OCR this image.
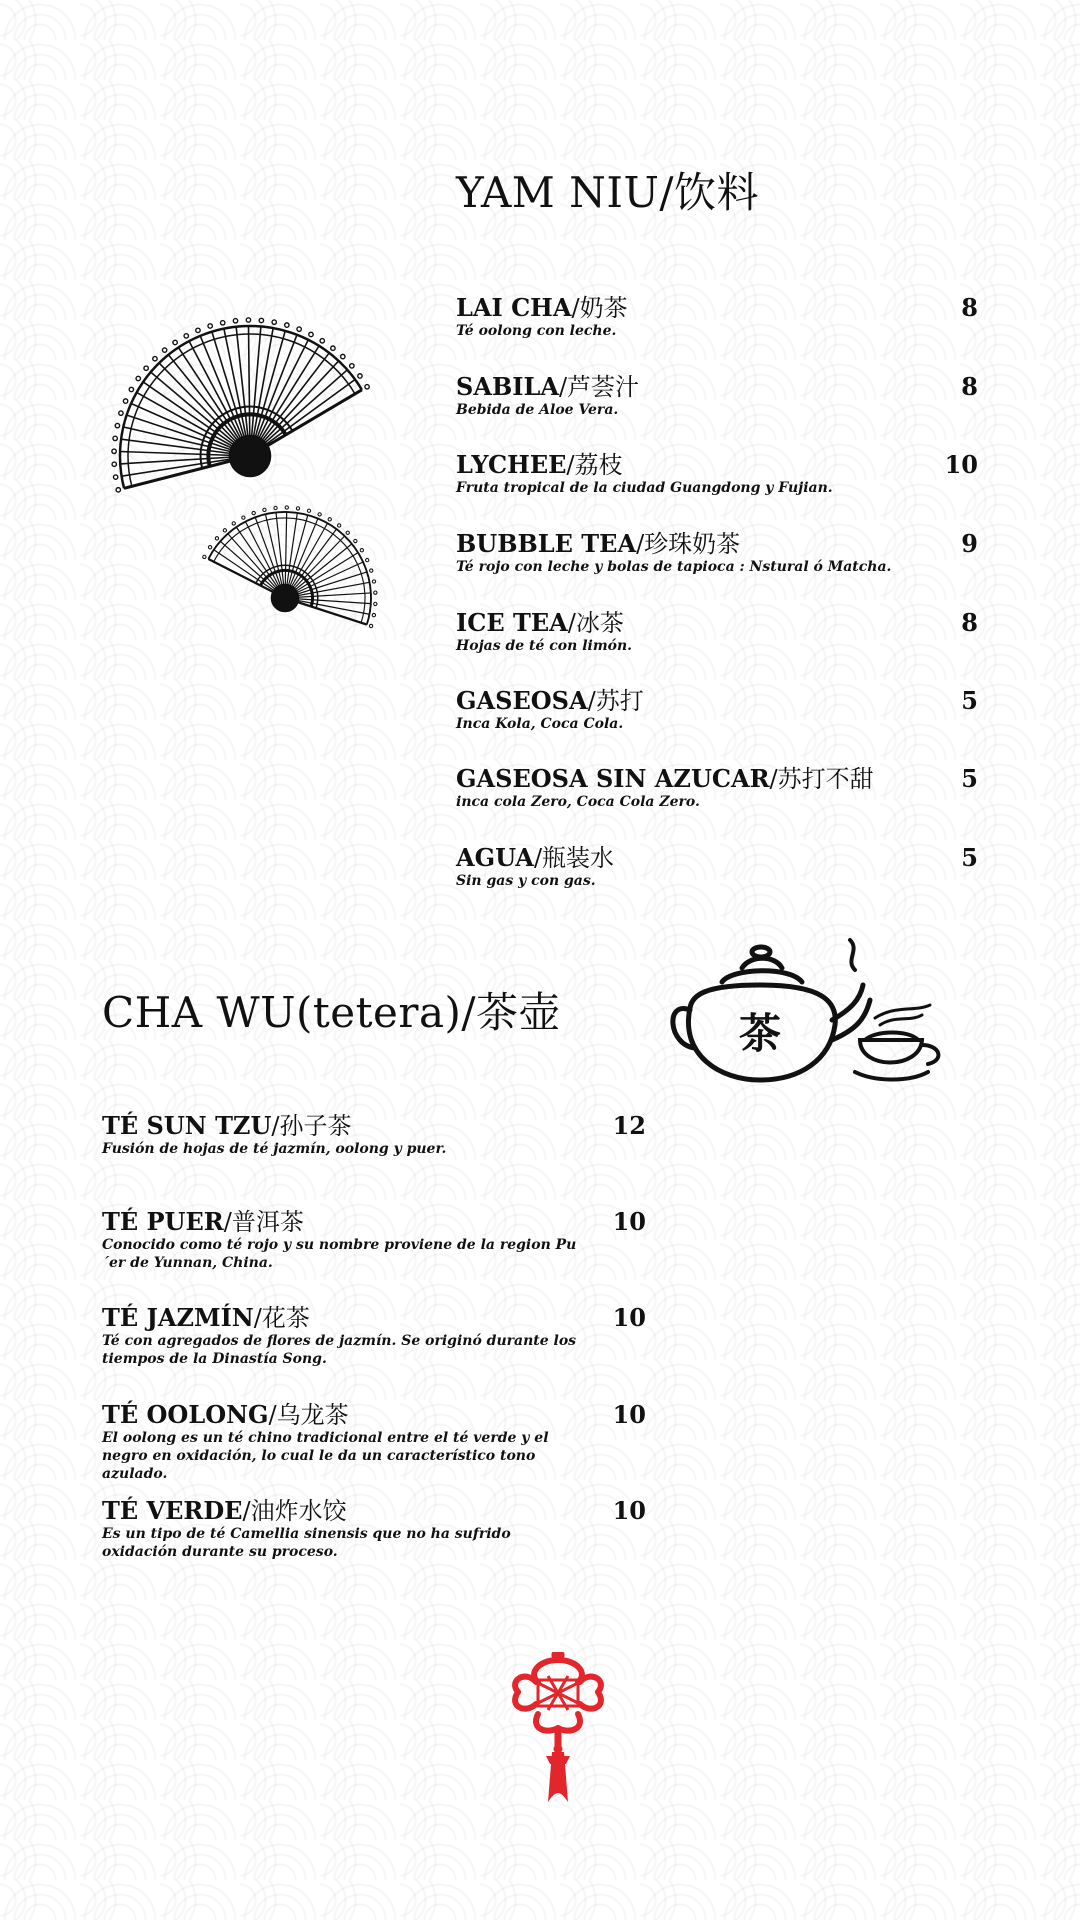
YAM NIU/饮料
LAI CHA/奶茶
Té oolong con leche.
8
SABILA/芦荟汁
Bebida de Aloe Vera.
8
LYCHEE/荔枝
Fruta tropical de la ciudad Guangdong y Fujian.
10
BUBBLE TEA/珍珠奶茶
Té rojo con leche y bolas de tapioca : Nstural ó Matcha.
9
ICE TEA/冰茶
Hojas de té con limón.
8
GASEOSA/苏打
Inca Kola, Coca Cola.
5
GASEOSA SIN AZUCAR/苏打不甜
inca cola Zero, Coca Cola Zero.
5
AGUA/瓶装水
Sin gas y con gas.
5
CHA WU(tetera)/茶壶	茶
TÉ SUN TZU/孙子茶
Fusión de hojas de té jazmín, oolong y puer.
12
TÉ PUER/普洱茶
Conocido como té rojo y su nombre proviene de la region Pu´er de Yunnan, China.
10
TÉ JAZMÍN/花茶
Té con agregados de flores de jazmín. Se originó durante los tiempos de la Dinastía Song.
10
TÉ OOLONG/乌龙茶
El oolong es un té chino tradicional entre el té verde y el negro en oxidación, lo cual le da un característico tono azulado.
10
TÉ VERDE/油炸水饺
Es un tipo de té Camellia sinensis que no ha sufrido oxidación durante su proceso.
10
